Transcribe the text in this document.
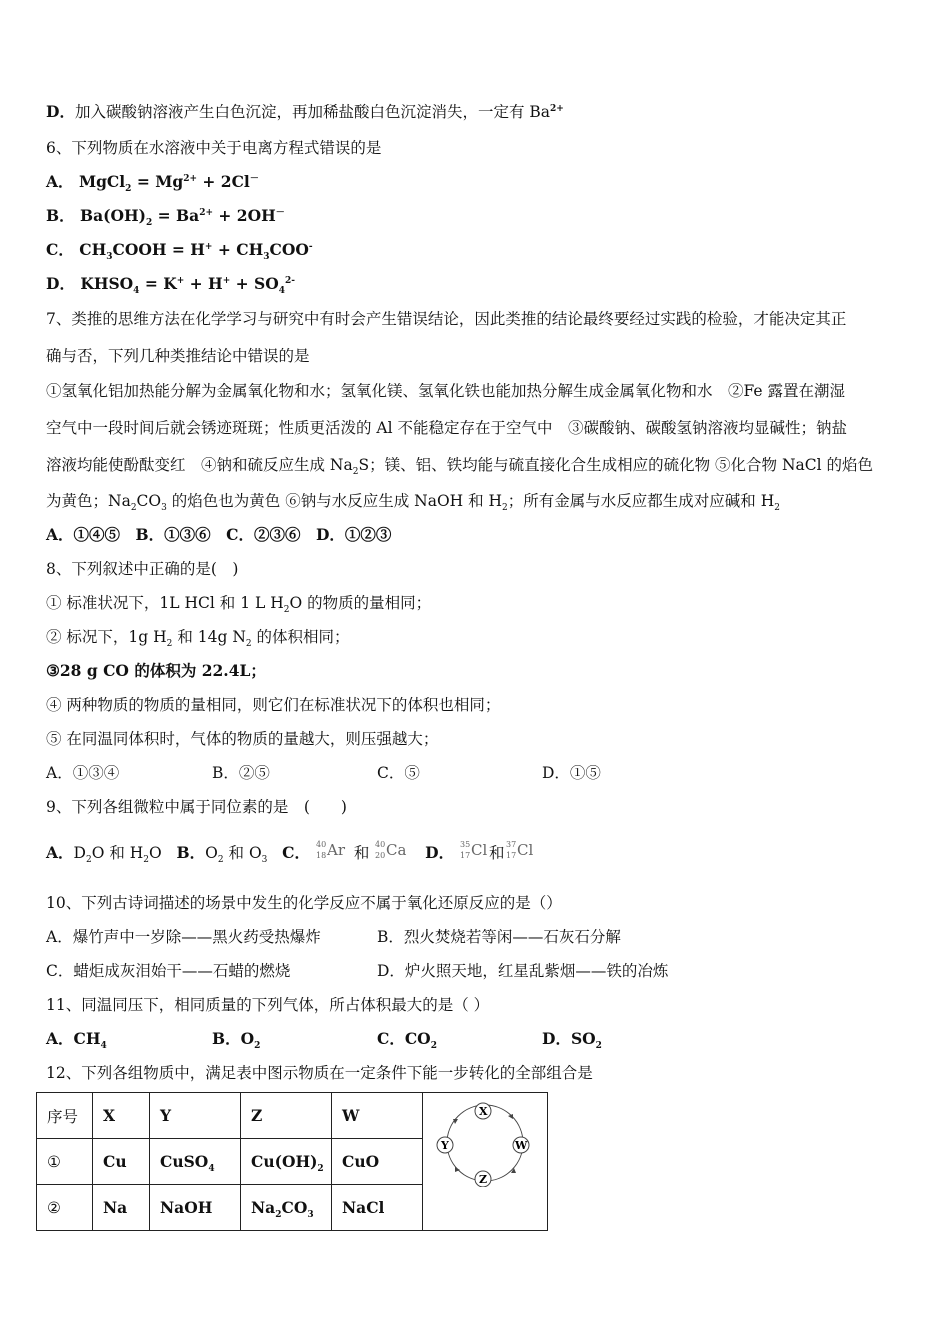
D．加入碳酸钠溶液产生白色沉淀，再加稀盐酸白色沉淀消失，一定有 $Ba^{2+}$
6、下列物质在水溶液中关于电离方程式错误的是
A． MgCl$_2$ = $Mg^{2+} + 2Cl^-$
B． $Ba(OH)_2 = Ba^{2+} + 2OH^-$
C． $CH_3COOH = H^+ + CH_3COO^-$
D． $KHSO_4 = K^+ + H^+ + SO_4^{2-}$
7、类推的思维方法在化学学习与研究中有时会产生错误结论，因此类推的结论最终要经过实践的检验，才能决定其正
确与否，下列几种类推结论中错误的是
①氢氧化铝加热能分解为金属氧化物和水；氢氧化镁、氢氧化铁也能加热分解生成金属氧化物和水　②Fe 露置在潮湿
空气中一段时间后就会锈迹斑斑；性质更活泼的 Al 不能稳定存在于空气中　③碳酸钠、碳酸氢钠溶液均显碱性；钠盐
溶液均能使酚酞变红　④钠和硫反应生成 $Na_2S$；镁、铝、铁均能与硫直接化合生成相应的硫化物 ⑤化合物 NaCl 的焰色
为黄色；$Na_2CO_3$ 的焰色也为黄色 ⑥钠与水反应生成 NaOH 和 $H_2$；所有金属与水反应都生成对应碱和 $H_2$
A．①④⑤　B．①③⑥　C．②③⑥　D．①②③
8、下列叙述中正确的是(　)
① 标准状况下，1L HCl 和 1 L $H_2O$ 的物质的量相同；
② 标况下，1g $H_2$ 和 14g $N_2$ 的体积相同；
③28 g CO 的体积为 22.4L；
④ 两种物质的物质的量相同，则它们在标准状况下的体积也相同；
⑤ 在同温同体积时，气体的物质的量越大，则压强越大；
A．①③④	B．②⑤	C．⑤	D．①⑤
9、下列各组微粒中属于同位素的是　(　　)
A．$D_2O$ 和 $H_2O$ B．$O_2$ 和 $O_3$ C． 40
18 Ar 和 40
20 Ca D． 35
17 Cl 和 37
17 Cl
10、下列古诗词描述的场景中发生的化学反应不属于氧化还原反应的是（）
A．爆竹声中一岁除——黑火药受热爆炸	B．烈火焚烧若等闲——石灰石分解
C．蜡炬成灰泪始干——石蜡的燃烧	D．炉火照天地，红星乱紫烟——铁的冶炼
11、同温同压下，相同质量的下列气体，所占体积最大的是（ ）
A．$CH_4$	B．$O_2$	C．$CO_2$	D．$SO_2$
12、下列各组物质中，满足表中图示物质在一定条件下能一步转化的全部组合是
序号	X	Y	Z	W	X
Y W
Z

①	Cu	CuSO$_4$	$Cu(OH)_2$	CuO	
②	Na	NaOH	$Na_2CO_3$	NaCl	
